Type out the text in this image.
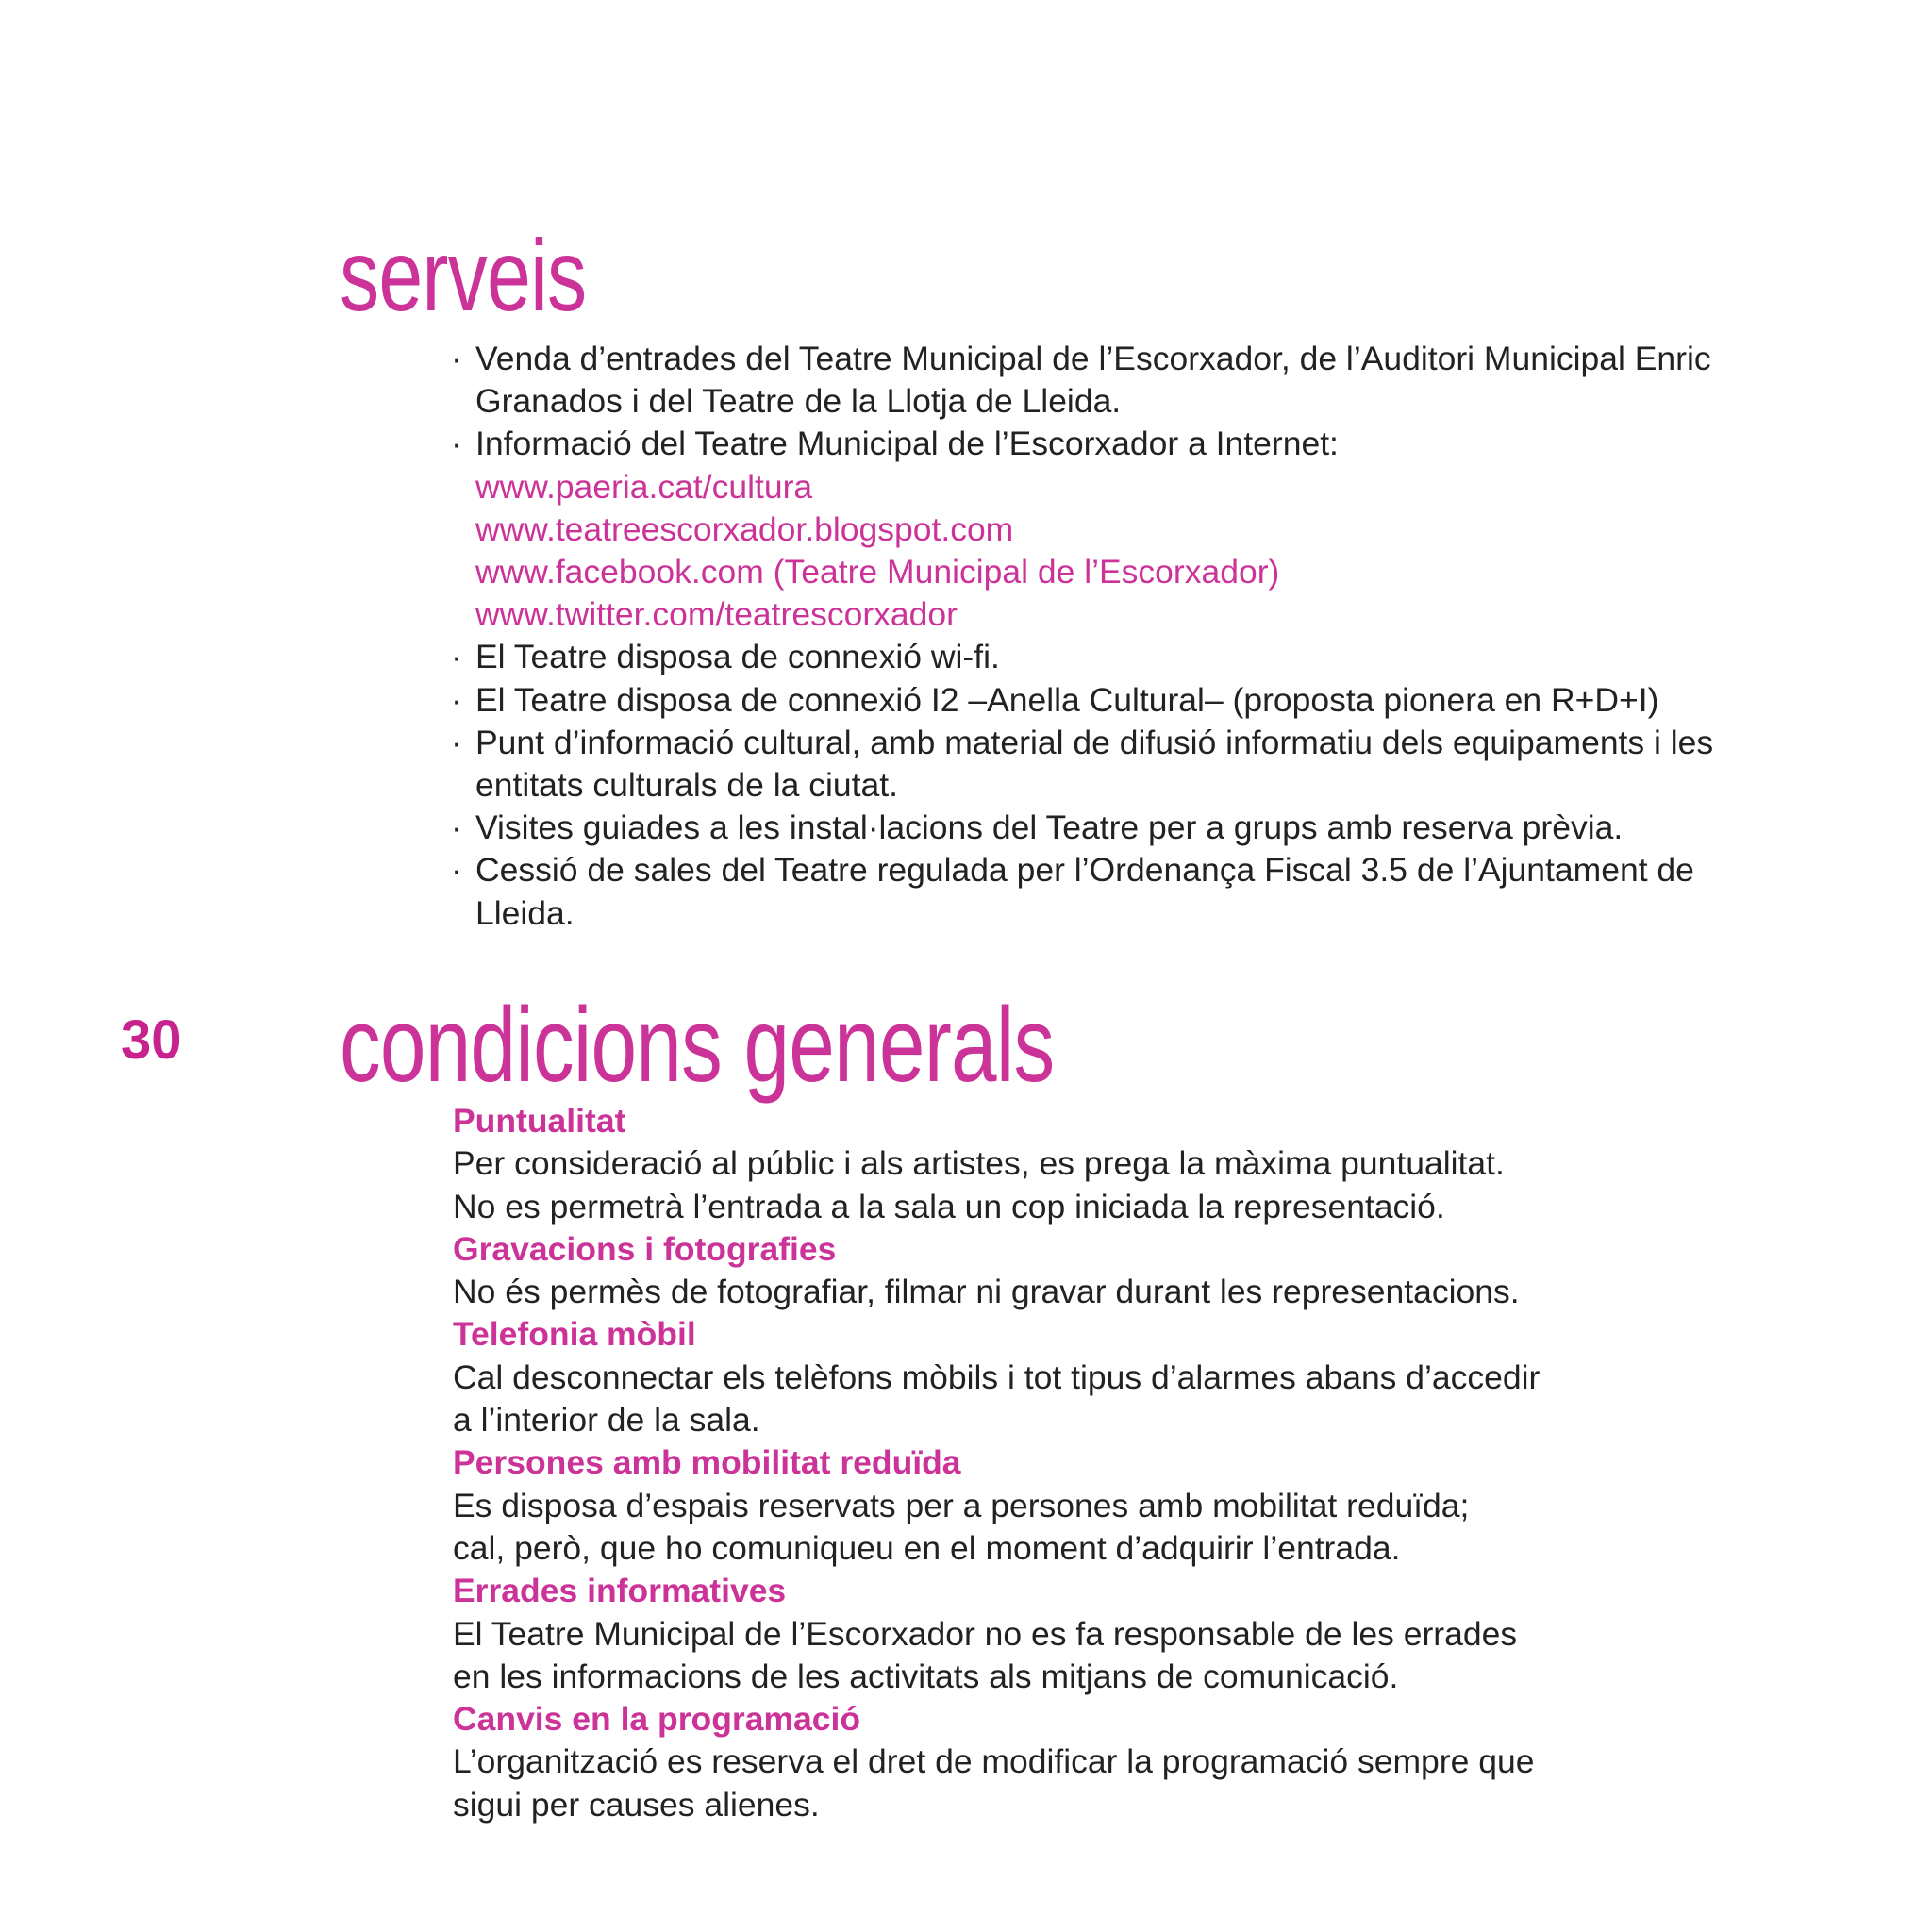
serveis
· Venda d’entrades del Teatre Municipal de l’Escorxador, de l’Auditori Municipal Enric Granados i del Teatre de la Llotja de Lleida.
· Informació del Teatre Municipal de l’Escorxador a Internet:
www.paeria.cat/cultura
www.teatreescorxador.blogspot.com
www.facebook.com (Teatre Municipal de l’Escorxador)
www.twitter.com/teatrescorxador
· El Teatre disposa de connexió wi-fi.
· El Teatre disposa de connexió I2 –Anella Cultural– (proposta pionera en R+D+I)
· Punt d’informació cultural, amb material de difusió informatiu dels equipaments i les entitats culturals de la ciutat.
· Visites guiades a les instal·lacions del Teatre per a grups amb reserva prèvia.
· Cessió de sales del Teatre regulada per l’Ordenança Fiscal 3.5 de l’Ajuntament de Lleida.
30 condicions generals
Puntualitat
Per consideració al públic i als artistes, es prega la màxima puntualitat.
No es permetrà l’entrada a la sala un cop iniciada la representació.
Gravacions i fotografies
No és permès de fotografiar, filmar ni gravar durant les representacions.
Telefonia mòbil
Cal desconnectar els telèfons mòbils i tot tipus d’alarmes abans d’accedir
a l’interior de la sala.
Persones amb mobilitat reduïda
Es disposa d’espais reservats per a persones amb mobilitat reduïda;
cal, però, que ho comuniqueu en el moment d’adquirir l’entrada.
Errades informatives
El Teatre Municipal de l’Escorxador no es fa responsable de les errades
en les informacions de les activitats als mitjans de comunicació.
Canvis en la programació
L’organització es reserva el dret de modificar la programació sempre que
sigui per causes alienes.
